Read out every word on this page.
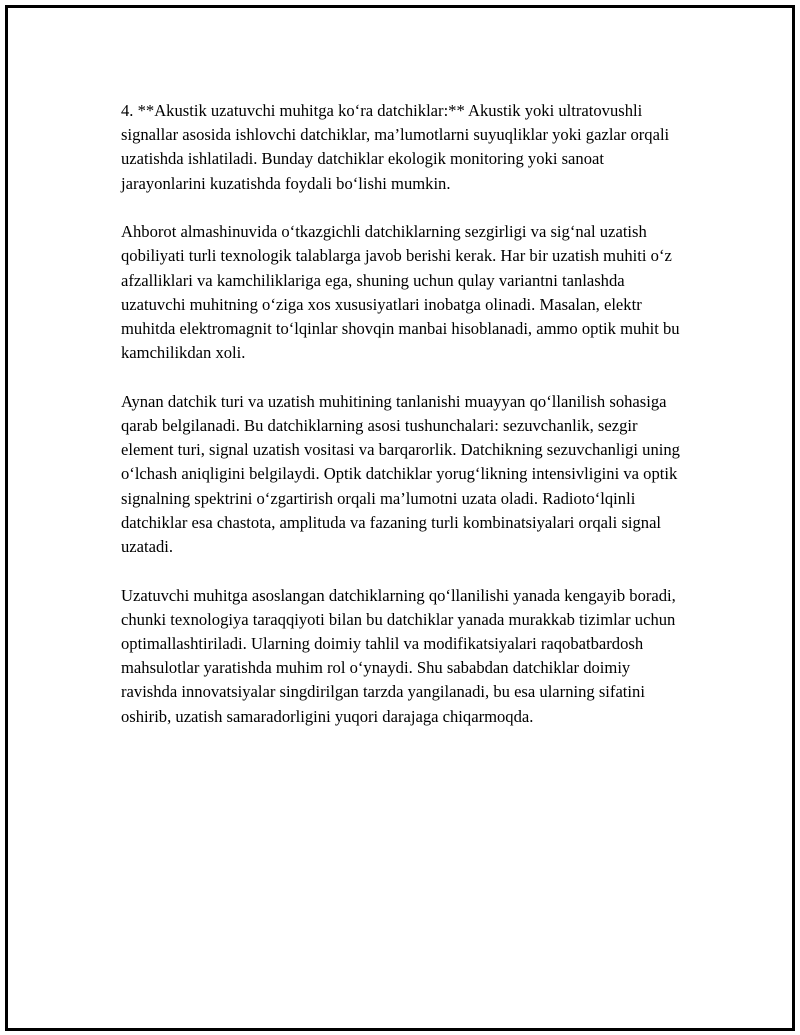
4. **Akustik uzatuvchi muhitga ko‘ra datchiklar:** Akustik yoki ultratovushli signallar asosida ishlovchi datchiklar, ma’lumotlarni suyuqliklar yoki gazlar orqali uzatishda ishlatiladi. Bunday datchiklar ekologik monitoring yoki sanoat jarayonlarini kuzatishda foydali bo‘lishi mumkin.

Ahborot almashinuvida o‘tkazgichli datchiklarning sezgirligi va sig‘nal uzatish qobiliyati turli texnologik talablarga javob berishi kerak. Har bir uzatish muhiti o‘z afzalliklari va kamchiliklariga ega, shuning uchun qulay variantni tanlashda uzatuvchi muhitning o‘ziga xos xususiyatlari inobatga olinadi. Masalan, elektr muhitda elektromagnit to‘lqinlar shovqin manbai hisoblanadi, ammo optik muhit bu kamchilikdan xoli.

Aynan datchik turi va uzatish muhitining tanlanishi muayyan qo‘llanilish sohasiga qarab belgilanadi. Bu datchiklarning asosi tushunchalari: sezuvchanlik, sezgir element turi, signal uzatish vositasi va barqarorlik. Datchikning sezuvchanligi uning o‘lchash aniqligini belgilaydi. Optik datchiklar yorug‘likning intensivligini va optik signalning spektrini o‘zgartirish orqali ma’lumotni uzata oladi. Radioto‘lqinli datchiklar esa chastota, amplituda va fazaning turli kombinatsiyalari orqali signal uzatadi.

Uzatuvchi muhitga asoslangan datchiklarning qo‘llanilishi yanada kengayib boradi, chunki texnologiya taraqqiyoti bilan bu datchiklar yanada murakkab tizimlar uchun optimallashtiriladi. Ularning doimiy tahlil va modifikatsiyalari raqobatbardosh mahsulotlar yaratishda muhim rol o‘ynaydi. Shu sababdan datchiklar doimiy ravishda innovatsiyalar singdirilgan tarzda yangilanadi, bu esa ularning sifatini oshirib, uzatish samaradorligini yuqori darajaga chiqarmoqda.
